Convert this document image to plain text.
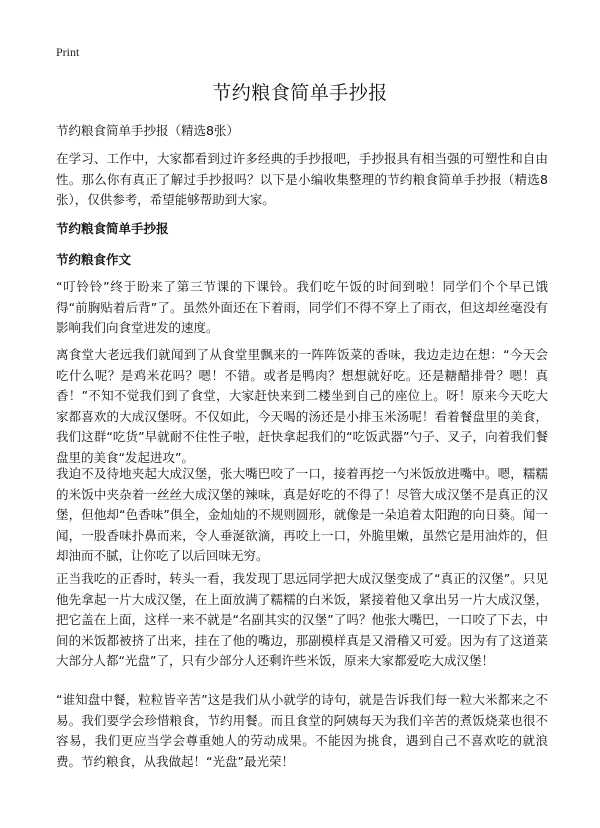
Print
节约粮食简单手抄报

节约粮食简单手抄报（精选8张）

在学习、工作中，大家都看到过许多经典的手抄报吧，手抄报具有相当强的可塑性和自由性。那么你有真正了解过手抄报吗？以下是小编收集整理的节约粮食简单手抄报（精选8张），仅供参考，希望能够帮助到大家。

节约粮食简单手抄报

节约粮食作文

“叮铃铃”终于盼来了第三节课的下课铃。我们吃午饭的时间到啦！同学们个个早已饿得“前胸贴着后背”了。虽然外面还在下着雨，同学们不得不穿上了雨衣，但这却丝毫没有影响我们向食堂进发的速度。

离食堂大老远我们就闻到了从食堂里飘来的一阵阵饭菜的香味，我边走边在想：“今天会吃什么呢？是鸡米花吗？嗯！不错。或者是鸭肉？想想就好吃。还是糖醋排骨？嗯！真香！”不知不觉我们到了食堂，大家赶快来到二楼坐到自己的座位上。呀！原来今天吃大家都喜欢的大成汉堡呀。不仅如此，今天喝的汤还是小排玉米汤呢！看着餐盘里的美食，我们这群“吃货”早就耐不住性子啦，赶快拿起我们的“吃饭武器”勺子、叉子，向着我们餐盘里的美食“发起进攻”。

我迫不及待地夹起大成汉堡，张大嘴巴咬了一口，接着再挖一勺米饭放进嘴中。嗯，糯糯的米饭中夹杂着一丝丝大成汉堡的辣味，真是好吃的不得了！尽管大成汉堡不是真正的汉堡，但他却“色香味”俱全，金灿灿的不规则圆形，就像是一朵追着太阳跑的向日葵。闻一闻，一股香味扑鼻而来，令人垂涎欲滴，再咬上一口，外脆里嫩，虽然它是用油炸的，但却油而不腻，让你吃了以后回味无穷。

正当我吃的正香时，转头一看，我发现丁思远同学把大成汉堡变成了“真正的汉堡”。只见他先拿起一片大成汉堡，在上面放满了糯糯的白米饭，紧接着他又拿出另一片大成汉堡，把它盖在上面，这样一来不就是“名副其实的汉堡”了吗？他张大嘴巴，一口咬了下去，中间的米饭都被挤了出来，挂在了他的嘴边，那副模样真是又滑稽又可爱。因为有了这道菜大部分人都“光盘”了，只有少部分人还剩许些米饭，原来大家都爱吃大成汉堡！

“谁知盘中餐，粒粒皆辛苦”这是我们从小就学的诗句，就是告诉我们每一粒大米都来之不易。我们要学会珍惜粮食，节约用餐。而且食堂的阿姨每天为我们辛苦的煮饭烧菜也很不容易，我们更应当学会尊重她人的劳动成果。不能因为挑食，遇到自己不喜欢吃的就浪费。节约粮食，从我做起！“光盘”最光荣！
